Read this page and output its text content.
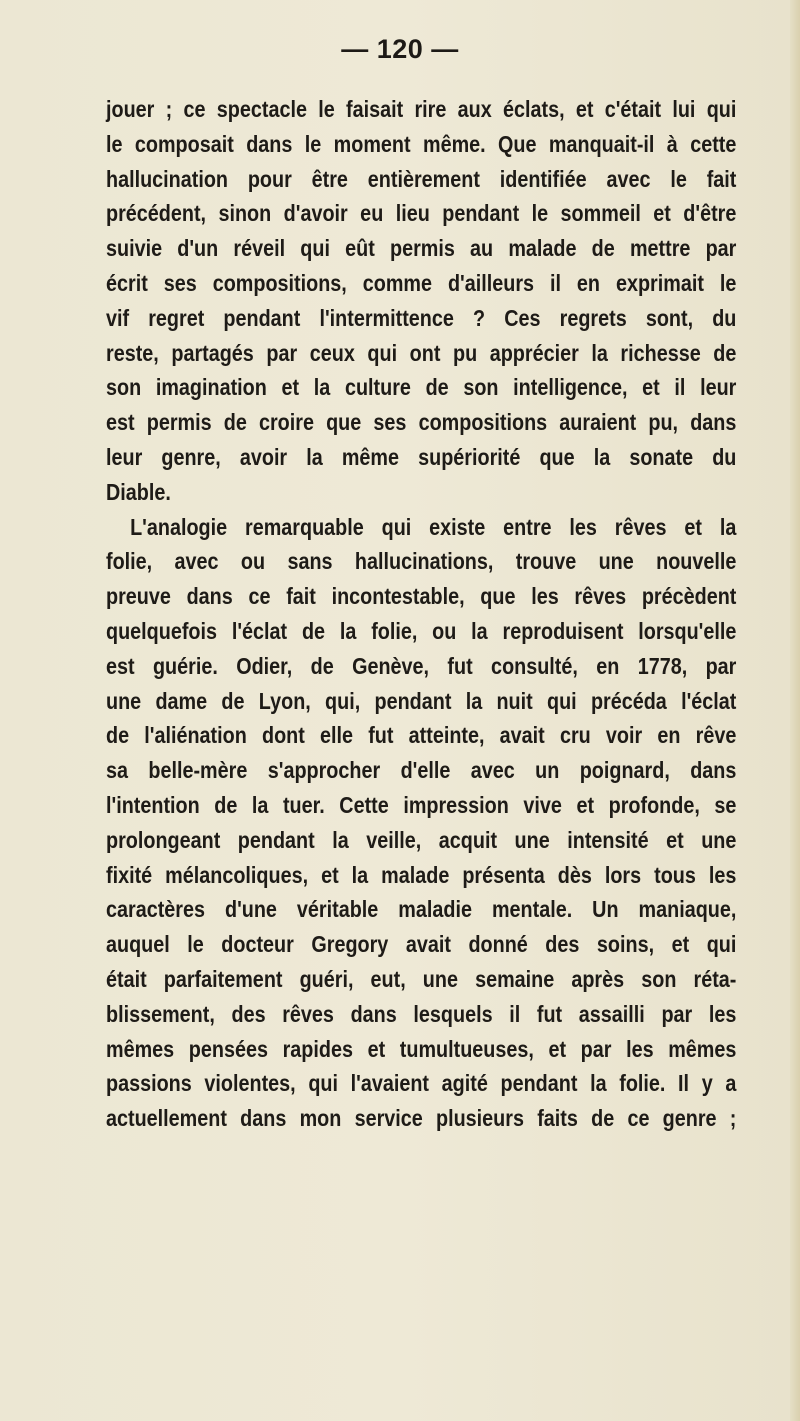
— 120 —
jouer ; ce spectacle le faisait rire aux éclats, et c'était lui qui
le composait dans le moment même. Que manquait-il à cette
hallucination pour être entièrement identifiée avec le fait
précédent, sinon d'avoir eu lieu pendant le sommeil et d'être
suivie d'un réveil qui eût permis au malade de mettre par
écrit ses compositions, comme d'ailleurs il en exprimait le
vif regret pendant l'intermittence ? Ces regrets sont, du
reste, partagés par ceux qui ont pu apprécier la richesse de
son imagination et la culture de son intelligence, et il leur
est permis de croire que ses compositions auraient pu, dans
leur genre, avoir la même supériorité que la sonate du
Diable.
L'analogie remarquable qui existe entre les rêves et la
folie, avec ou sans hallucinations, trouve une nouvelle
preuve dans ce fait incontestable, que les rêves précèdent
quelquefois l'éclat de la folie, ou la reproduisent lorsqu'elle
est guérie. Odier, de Genève, fut consulté, en 1778, par
une dame de Lyon, qui, pendant la nuit qui précéda l'éclat
de l'aliénation dont elle fut atteinte, avait cru voir en rêve
sa belle-mère s'approcher d'elle avec un poignard, dans
l'intention de la tuer. Cette impression vive et profonde, se
prolongeant pendant la veille, acquit une intensité et une
fixité mélancoliques, et la malade présenta dès lors tous les
caractères d'une véritable maladie mentale. Un maniaque,
auquel le docteur Gregory avait donné des soins, et qui
était parfaitement guéri, eut, une semaine après son réta-
blissement, des rêves dans lesquels il fut assailli par les
mêmes pensées rapides et tumultueuses, et par les mêmes
passions violentes, qui l'avaient agité pendant la folie. Il y a
actuellement dans mon service plusieurs faits de ce genre ;
